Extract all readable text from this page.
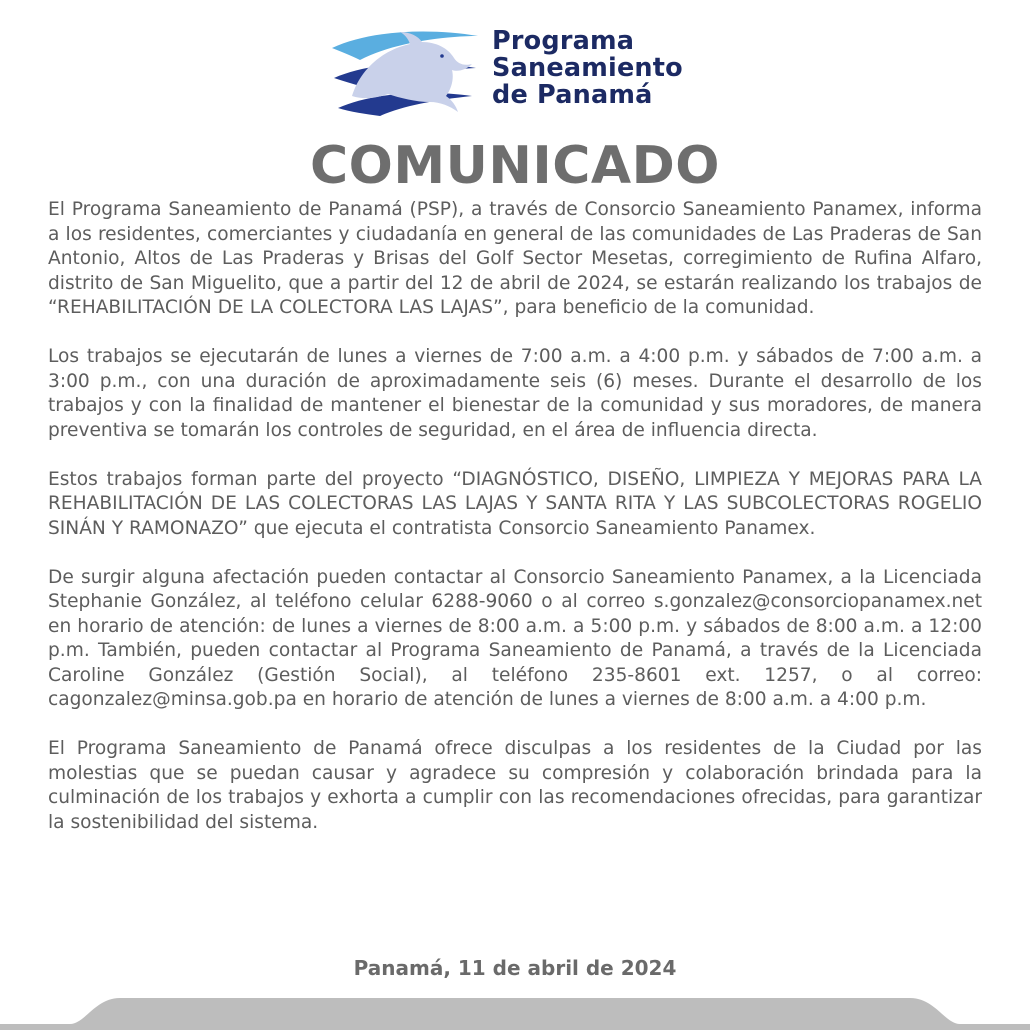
Programa
Saneamiento
de Panamá
COMUNICADO

El Programa Saneamiento de Panamá (PSP), a través de Consorcio Saneamiento Panamex, informa a los residentes, comerciantes y ciudadanía en general de las comunidades de Las Praderas de San Antonio, Altos de Las Praderas y Brisas del Golf Sector Mesetas, corregimiento de Rufina Alfaro, distrito de San Miguelito, que a partir del 12 de abril de 2024, se estarán realizando los trabajos de “REHABILITACIÓN DE LA COLECTORA LAS LAJAS”, para beneficio de la comunidad.

Los trabajos se ejecutarán de lunes a viernes de 7:00 a.m. a 4:00 p.m. y sábados de 7:00 a.m. a 3:00 p.m., con una duración de aproximadamente seis (6) meses. Durante el desarrollo de los trabajos y con la finalidad de mantener el bienestar de la comunidad y sus moradores, de manera preventiva se tomarán los controles de seguridad, en el área de influencia directa.

Estos trabajos forman parte del proyecto “DIAGNÓSTICO, DISEÑO, LIMPIEZA Y MEJORAS PARA LA REHABILITACIÓN DE LAS COLECTORAS LAS LAJAS Y SANTA RITA Y LAS SUBCOLECTORAS ROGELIO SINÁN Y RAMONAZO” que ejecuta el contratista Consorcio Saneamiento Panamex.

De surgir alguna afectación pueden contactar al Consorcio Saneamiento Panamex, a la Licenciada Stephanie González, al teléfono celular 6288-9060 o al correo s.gonzalez@consorciopanamex.net en horario de atención: de lunes a viernes de 8:00 a.m. a 5:00 p.m. y sábados de 8:00 a.m. a 12:00 p.m. También, pueden contactar al Programa Saneamiento de Panamá, a través de la Licenciada Caroline González (Gestión Social), al teléfono 235-8601 ext. 1257, o al correo: cagonzalez@minsa.gob.pa en horario de atención de lunes a viernes de 8:00 a.m. a 4:00 p.m.

El Programa Saneamiento de Panamá ofrece disculpas a los residentes de la Ciudad por las molestias que se puedan causar y agradece su compresión y colaboración brindada para la culminación de los trabajos y exhorta a cumplir con las recomendaciones ofrecidas, para garantizar la sostenibilidad del sistema.

Panamá, 11 de abril de 2024
